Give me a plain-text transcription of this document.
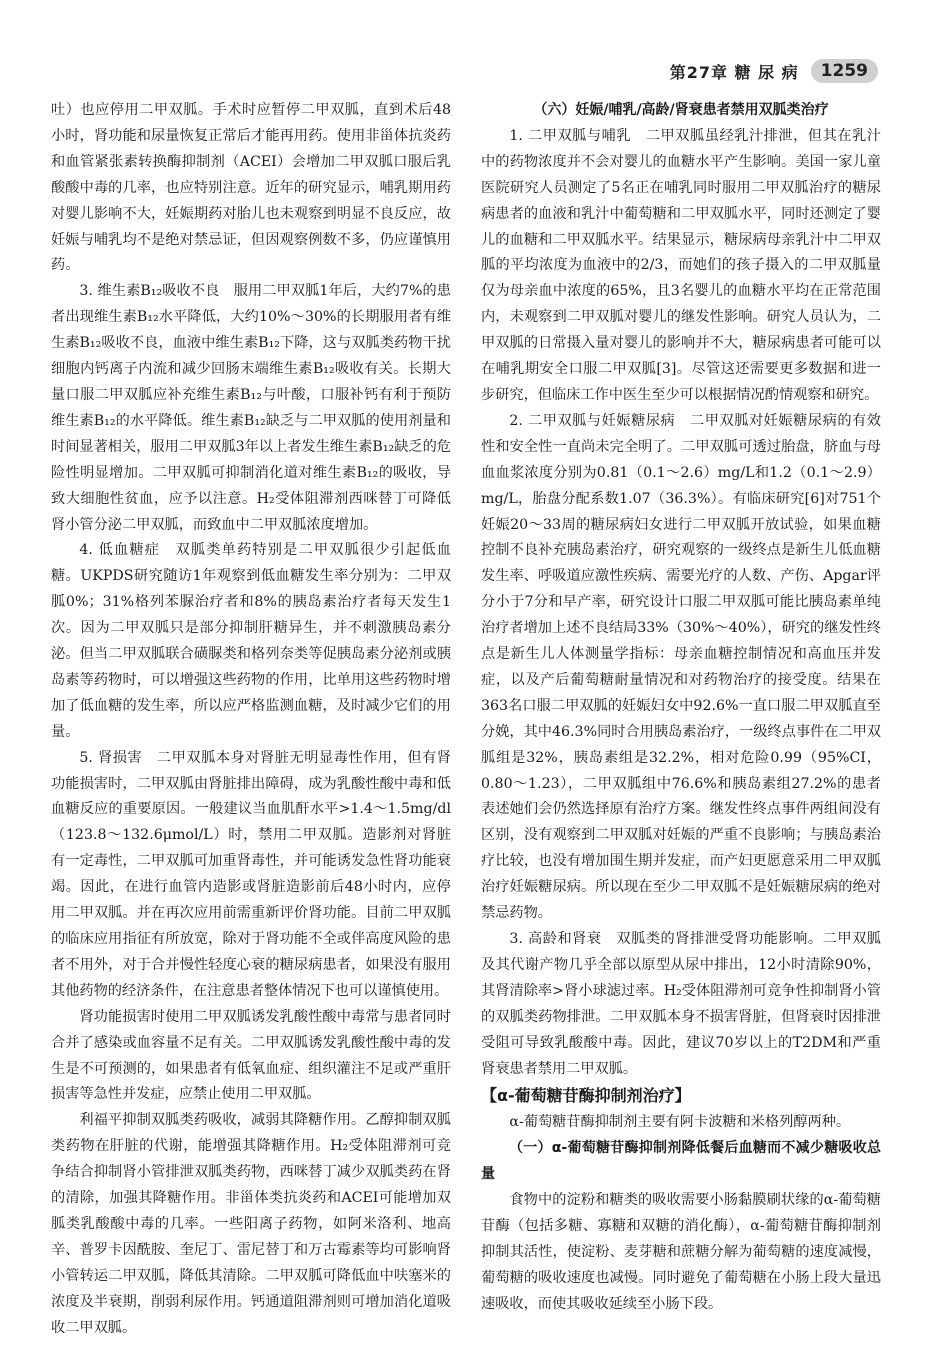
第27章 糖 尿 病	1259

吐）也应停用二甲双胍。手术时应暂停二甲双胍，直到术后48小时，肾功能和尿量恢复正常后才能再用药。使用非甾体抗炎药和血管紧张素转换酶抑制剂（ACEI）会增加二甲双胍口服后乳酸酸中毒的几率，也应特别注意。近年的研究显示，哺乳期用药对婴儿影响不大，妊娠期药对胎儿也未观察到明显不良反应，故妊娠与哺乳均不是绝对禁忌证，但因观察例数不多，仍应谨慎用药。

3. 维生素B₁₂吸收不良　服用二甲双胍1年后，大约7%的患者出现维生素B₁₂水平降低，大约10%～30%的长期服用者有维生素B₁₂吸收不良，血液中维生素B₁₂下降，这与双胍类药物干扰细胞内钙离子内流和减少回肠末端维生素B₁₂吸收有关。长期大量口服二甲双胍应补充维生素B₁₂与叶酸，口服补钙有利于预防维生素B₁₂的水平降低。维生素B₁₂缺乏与二甲双胍的使用剂量和时间显著相关，服用二甲双胍3年以上者发生维生素B₁₂缺乏的危险性明显增加。二甲双胍可抑制消化道对维生素B₁₂的吸收，导致大细胞性贫血，应予以注意。H₂受体阻滞剂西咪替丁可降低肾小管分泌二甲双胍，而致血中二甲双胍浓度增加。

4. 低血糖症　双胍类单药特别是二甲双胍很少引起低血糖。UKPDS研究随访1年观察到低血糖发生率分别为：二甲双胍0%；31%格列苯脲治疗者和8%的胰岛素治疗者每天发生1次。因为二甲双胍只是部分抑制肝糖异生，并不刺激胰岛素分泌。但当二甲双胍联合磺脲类和格列奈类等促胰岛素分泌剂或胰岛素等药物时，可以增强这些药物的作用，比单用这些药物时增加了低血糖的发生率，所以应严格监测血糖，及时减少它们的用量。

5. 肾损害　二甲双胍本身对肾脏无明显毒性作用，但有肾功能损害时，二甲双胍由肾脏排出障碍，成为乳酸性酸中毒和低血糖反应的重要原因。一般建议当血肌酐水平>1.4～1.5mg/dl（123.8～132.6μmol/L）时，禁用二甲双胍。造影剂对肾脏有一定毒性，二甲双胍可加重肾毒性，并可能诱发急性肾功能衰竭。因此，在进行血管内造影或肾脏造影前后48小时内，应停用二甲双胍。并在再次应用前需重新评价肾功能。目前二甲双胍的临床应用指征有所放宽，除对于肾功能不全或伴高度风险的患者不用外，对于合并慢性轻度心衰的糖尿病患者，如果没有服用其他药物的经济条件，在注意患者整体情况下也可以谨慎使用。

肾功能损害时使用二甲双胍诱发乳酸性酸中毒常与患者同时合并了感染或血容量不足有关。二甲双胍诱发乳酸性酸中毒的发生是不可预测的，如果患者有低氧血症、组织灌注不足或严重肝损害等急性并发症，应禁止使用二甲双胍。

利福平抑制双胍类药吸收，减弱其降糖作用。乙醇抑制双胍类药物在肝脏的代谢，能增强其降糖作用。H₂受体阻滞剂可竞争结合抑制肾小管排泄双胍类药物，西咪替丁减少双胍类药在肾的清除，加强其降糖作用。非甾体类抗炎药和ACEI可能增加双胍类乳酸酸中毒的几率。一些阳离子药物，如阿米洛利、地高辛、普罗卡因酰胺、奎尼丁、雷尼替丁和万古霉素等均可影响肾小管转运二甲双胍，降低其清除。二甲双胍可降低血中呋塞米的浓度及半衰期，削弱利尿作用。钙通道阻滞剂则可增加消化道吸收二甲双胍。

（六）妊娠/哺乳/高龄/肾衰患者禁用双胍类治疗

1. 二甲双胍与哺乳　二甲双胍虽经乳汁排泄，但其在乳汁中的药物浓度并不会对婴儿的血糖水平产生影响。美国一家儿童医院研究人员测定了5名正在哺乳同时服用二甲双胍治疗的糖尿病患者的血液和乳汁中葡萄糖和二甲双胍水平，同时还测定了婴儿的血糖和二甲双胍水平。结果显示，糖尿病母亲乳汁中二甲双胍的平均浓度为血液中的2/3，而她们的孩子摄入的二甲双胍量仅为母亲血中浓度的65%，且3名婴儿的血糖水平均在正常范围内，未观察到二甲双胍对婴儿的继发性影响。研究人员认为，二甲双胍的日常摄入量对婴儿的影响并不大，糖尿病患者可能可以在哺乳期安全口服二甲双胍[3]。尽管这还需要更多数据和进一步研究，但临床工作中医生至少可以根据情况酌情观察和研究。

2. 二甲双胍与妊娠糖尿病　二甲双胍对妊娠糖尿病的有效性和安全性一直尚未完全明了。二甲双胍可透过胎盘，脐血与母血血浆浓度分别为0.81（0.1～2.6）mg/L和1.2（0.1～2.9）mg/L，胎盘分配系数1.07（36.3%）。有临床研究[6]对751个妊娠20～33周的糖尿病妇女进行二甲双胍开放试验，如果血糖控制不良补充胰岛素治疗，研究观察的一级终点是新生儿低血糖发生率、呼吸道应激性疾病、需要光疗的人数、产伤、Apgar评分小于7分和早产率，研究设计口服二甲双胍可能比胰岛素单纯治疗者增加上述不良结局33%（30%～40%），研究的继发性终点是新生儿人体测量学指标：母亲血糖控制情况和高血压并发症，以及产后葡萄糖耐量情况和对药物治疗的接受度。结果在363名口服二甲双胍的妊娠妇女中92.6%一直口服二甲双胍直至分娩，其中46.3%同时合用胰岛素治疗，一级终点事件在二甲双胍组是32%，胰岛素组是32.2%，相对危险0.99（95%CI，0.80～1.23），二甲双胍组中76.6%和胰岛素组27.2%的患者表述她们会仍然选择原有治疗方案。继发性终点事件两组间没有区别，没有观察到二甲双胍对妊娠的严重不良影响；与胰岛素治疗比较，也没有增加围生期并发症，而产妇更愿意采用二甲双胍治疗妊娠糖尿病。所以现在至少二甲双胍不是妊娠糖尿病的绝对禁忌药物。

3. 高龄和肾衰　双胍类的肾排泄受肾功能影响。二甲双胍及其代谢产物几乎全部以原型从尿中排出，12小时清除90%，其肾清除率>肾小球滤过率。H₂受体阻滞剂可竞争性抑制肾小管的双胍类药物排泄。二甲双胍本身不损害肾脏，但肾衰时因排泄受阻可导致乳酸酸中毒。因此，建议70岁以上的T2DM和严重肾衰患者禁用二甲双胍。

【α-葡萄糖苷酶抑制剂治疗】

α-葡萄糖苷酶抑制剂主要有阿卡波糖和米格列醇两种。

（一）α-葡萄糖苷酶抑制剂降低餐后血糖而不减少糖吸收总量

食物中的淀粉和糖类的吸收需要小肠黏膜刷状缘的α-葡萄糖苷酶（包括多糖、寡糖和双糖的消化酶），α-葡萄糖苷酶抑制剂抑制其活性，使淀粉、麦芽糖和蔗糖分解为葡萄糖的速度减慢，葡萄糖的吸收速度也减慢。同时避免了葡萄糖在小肠上段大量迅速吸收，而使其吸收延续至小肠下段。
